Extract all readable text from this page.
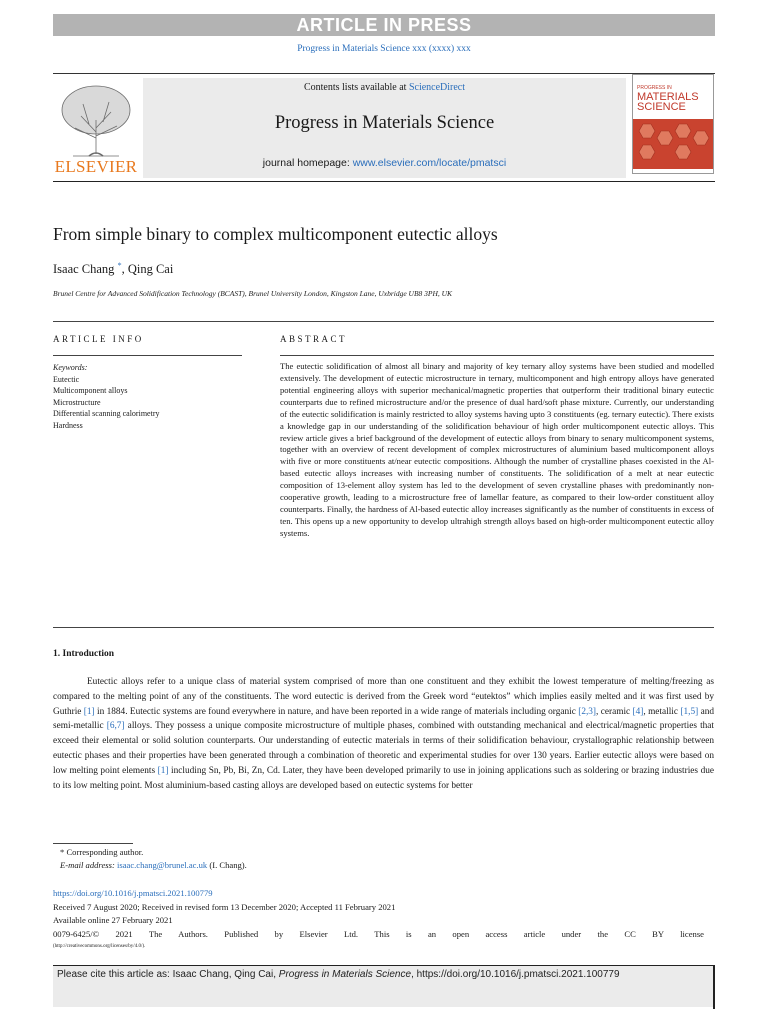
ARTICLE IN PRESS
Progress in Materials Science xxx (xxxx) xxx
ELSEVIER
Contents lists available at ScienceDirect
Progress in Materials Science
journal homepage: www.elsevier.com/locate/pmatsci
PROGRESS IN
MATERIALS
SCIENCE
From simple binary to complex multicomponent eutectic alloys
Isaac Chang *, Qing Cai
Brunel Centre for Advanced Solidification Technology (BCAST), Brunel University London, Kingston Lane, Uxbridge UB8 3PH, UK
ARTICLE INFO	ABSTRACT
Keywords:
Eutectic
Multicomponent alloys
Microstructure
Differential scanning calorimetry
Hardness
The eutectic solidification of almost all binary and majority of key ternary alloy systems have been studied and modelled extensively. The development of eutectic microstructure in ternary, multicomponent and high entropy alloys have generated potential engineering alloys with superior mechanical/magnetic properties that outperform their traditional binary eutectic counterparts due to refined microstructure and/or the presence of dual hard/soft phase mixture. Currently, our understanding of the eutectic solidification is mainly restricted to alloy systems having upto 3 constituents (eg. ternary eutectic). There exists a knowledge gap in our understanding of the solidification behaviour of high order multicomponent eutectic alloys. This review article gives a brief background of the development of eutectic alloys from binary to senary multicomponent systems, together with an overview of recent development of complex microstructures of aluminium based multicomponent alloys with five or more constituents at/near eutectic compositions. Although the number of crystalline phases coexisted in the Al-based eutectic alloys increases with increasing number of constituents. The solidification of a melt at near eutectic composition of 13-element alloy system has led to the development of seven crystalline phases with predominantly non-cooperative growth, leading to a microstructure free of lamellar feature, as compared to their low-order constituent alloy counterparts. Finally, the hardness of Al-based eutectic alloy increases significantly as the number of constituents in excess of ten. This opens up a new opportunity to develop ultrahigh strength alloys based on high-order multicomponent eutectic alloy systems.
1. Introduction
Eutectic alloys refer to a unique class of material system comprised of more than one constituent and they exhibit the lowest temperature of melting/freezing as compared to the melting point of any of the constituents. The word eutectic is derived from the Greek word “eutektos” which implies easily melted and it was first used by Guthrie [1] in 1884. Eutectic systems are found everywhere in nature, and have been reported in a wide range of materials including organic [2,3], ceramic [4], metallic [1,5] and semi-metallic [6,7] alloys. They possess a unique composite microstructure of multiple phases, combined with outstanding mechanical and electrical/magnetic properties that exceed their elemental or solid solution counterparts. Our understanding of eutectic materials in terms of their solidification behaviour, crystallographic relationship between eutectic phases and their properties have been generated through a combination of theoretic and experimental studies for over 130 years. Earlier eutectic alloys were based on low melting point elements [1] including Sn, Pb, Bi, Zn, Cd. Later, they have been developed primarily to use in joining applications such as soldering or brazing industries due to its low melting point. Most aluminium-based casting alloys are developed based on eutectic systems for better
* Corresponding author.
E-mail address: isaac.chang@brunel.ac.uk (I. Chang).
https://doi.org/10.1016/j.pmatsci.2021.100779
Received 7 August 2020; Received in revised form 13 December 2020; Accepted 11 February 2021
Available online 27 February 2021
0079-6425/© 2021 The Authors. Published by Elsevier Ltd. This is an open access article under the CC BY license
(http://creativecommons.org/licenses/by/4.0/).
Please cite this article as: Isaac Chang, Qing Cai, Progress in Materials Science, https://doi.org/10.1016/j.pmatsci.2021.100779
